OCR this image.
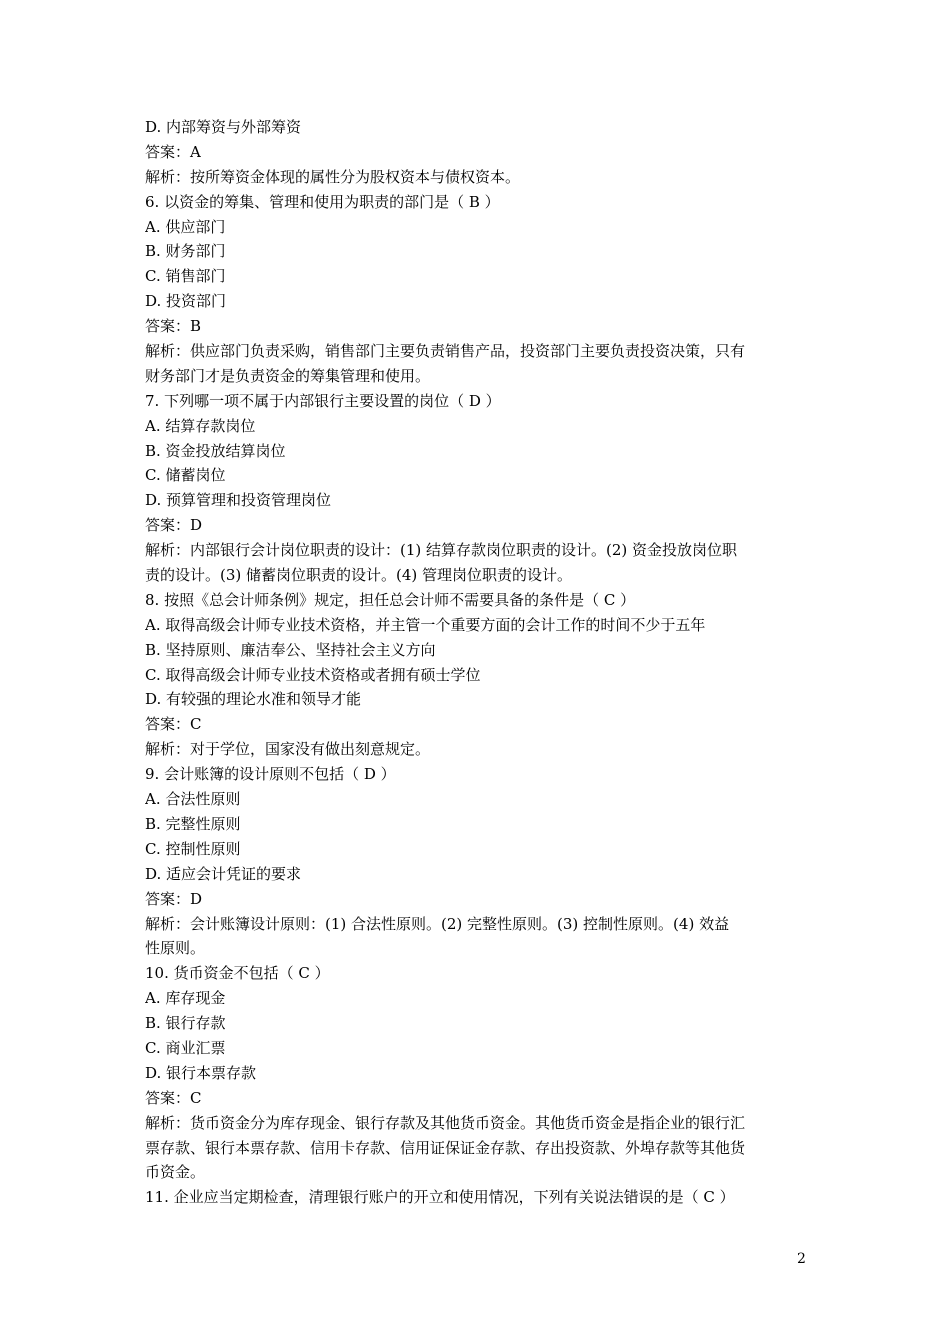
D. 内部筹资与外部筹资
答案：A
解析：按所筹资金体现的属性分为股权资本与债权资本。
6. 以资金的筹集、管理和使用为职责的部门是（ B ）
A. 供应部门
B. 财务部门
C. 销售部门
D. 投资部门
答案：B
解析：供应部门负责采购，销售部门主要负责销售产品，投资部门主要负责投资决策，只有
财务部门才是负责资金的筹集管理和使用。
7. 下列哪一项不属于内部银行主要设置的岗位（ D ）
A. 结算存款岗位
B. 资金投放结算岗位
C. 储蓄岗位
D. 预算管理和投资管理岗位
答案：D
解析：内部银行会计岗位职责的设计：(1) 结算存款岗位职责的设计。(2) 资金投放岗位职
责的设计。(3) 储蓄岗位职责的设计。(4) 管理岗位职责的设计。
8. 按照《总会计师条例》规定，担任总会计师不需要具备的条件是（ C ）
A. 取得高级会计师专业技术资格，并主管一个重要方面的会计工作的时间不少于五年
B. 坚持原则、廉洁奉公、坚持社会主义方向
C. 取得高级会计师专业技术资格或者拥有硕士学位
D. 有较强的理论水准和领导才能
答案：C
解析：对于学位，国家没有做出刻意规定。
9. 会计账簿的设计原则不包括（ D ）
A. 合法性原则
B. 完整性原则
C. 控制性原则
D. 适应会计凭证的要求
答案：D
解析：会计账簿设计原则：(1) 合法性原则。(2) 完整性原则。(3) 控制性原则。(4) 效益
性原则。
10. 货币资金不包括（ C ）
A. 库存现金
B. 银行存款
C. 商业汇票
D. 银行本票存款
答案：C
解析：货币资金分为库存现金、银行存款及其他货币资金。其他货币资金是指企业的银行汇
票存款、银行本票存款、信用卡存款、信用证保证金存款、存出投资款、外埠存款等其他货
币资金。
11. 企业应当定期检查，清理银行账户的开立和使用情况，下列有关说法错误的是（ C ）
2
